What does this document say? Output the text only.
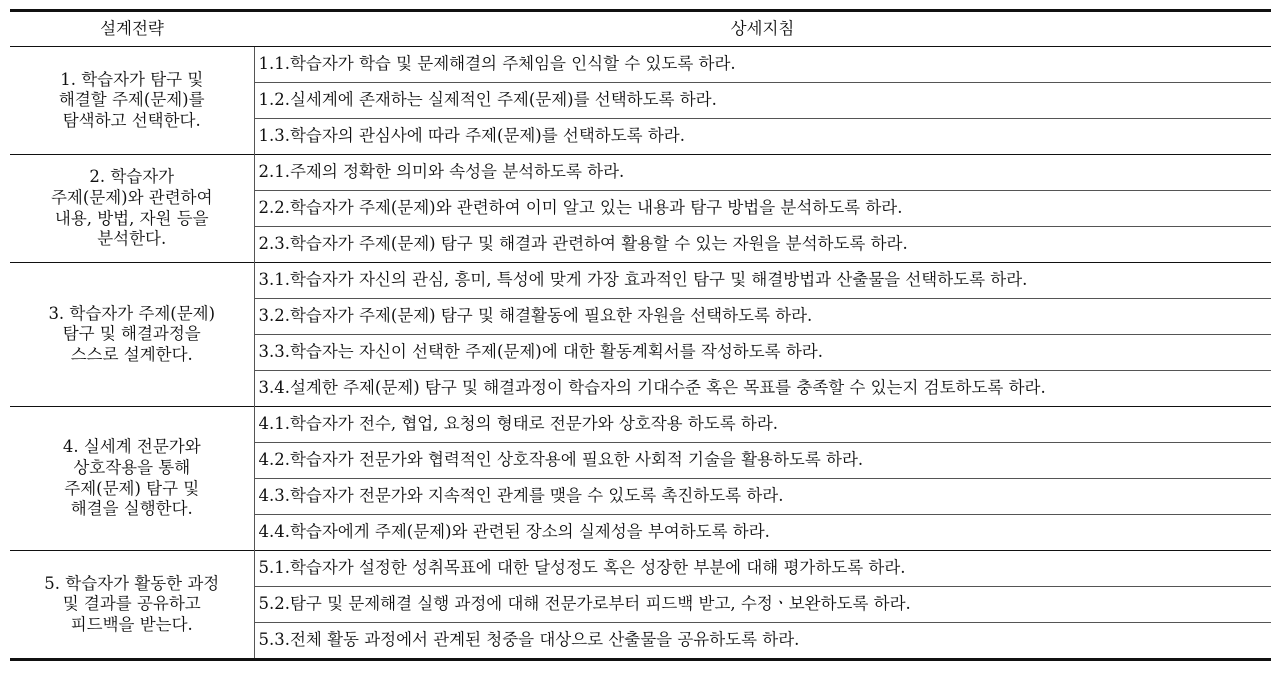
설계전략	상세지침
1. 학습자가 탐구 및
해결할 주제(문제)를
탐색하고 선택한다.	1.1.학습자가 학습 및 문제해결의 주체임을 인식할 수 있도록 하라.
	1.2.실세계에 존재하는 실제적인 주제(문제)를 선택하도록 하라.
	1.3.학습자의 관심사에 따라 주제(문제)를 선택하도록 하라.
2. 학습자가
주제(문제)와 관련하여
내용, 방법, 자원 등을
분석한다.	2.1.주제의 정확한 의미와 속성을 분석하도록 하라.
	2.2.학습자가 주제(문제)와 관련하여 이미 알고 있는 내용과 탐구 방법을 분석하도록 하라.
	2.3.학습자가 주제(문제) 탐구 및 해결과 관련하여 활용할 수 있는 자원을 분석하도록 하라.
3. 학습자가 주제(문제)
탐구 및 해결과정을
스스로 설계한다.	3.1.학습자가 자신의 관심, 흥미, 특성에 맞게 가장 효과적인 탐구 및 해결방법과 산출물을 선택하도록 하라.
	3.2.학습자가 주제(문제) 탐구 및 해결활동에 필요한 자원을 선택하도록 하라.
	3.3.학습자는 자신이 선택한 주제(문제)에 대한 활동계획서를 작성하도록 하라.
	3.4.설계한 주제(문제) 탐구 및 해결과정이 학습자의 기대수준 혹은 목표를 충족할 수 있는지 검토하도록 하라.
4. 실세계 전문가와
상호작용을 통해
주제(문제) 탐구 및
해결을 실행한다.	4.1.학습자가 전수, 협업, 요청의 형태로 전문가와 상호작용 하도록 하라.
	4.2.학습자가 전문가와 협력적인 상호작용에 필요한 사회적 기술을 활용하도록 하라.
	4.3.학습자가 전문가와 지속적인 관계를 맺을 수 있도록 촉진하도록 하라.
	4.4.학습자에게 주제(문제)와 관련된 장소의 실제성을 부여하도록 하라.
5. 학습자가 활동한 과정
및 결과를 공유하고
피드백을 받는다.	5.1.학습자가 설정한 성취목표에 대한 달성정도 혹은 성장한 부분에 대해 평가하도록 하라.
	5.2.탐구 및 문제해결 실행 과정에 대해 전문가로부터 피드백 받고, 수정ㆍ보완하도록 하라.
	5.3.전체 활동 과정에서 관계된 청중을 대상으로 산출물을 공유하도록 하라.
